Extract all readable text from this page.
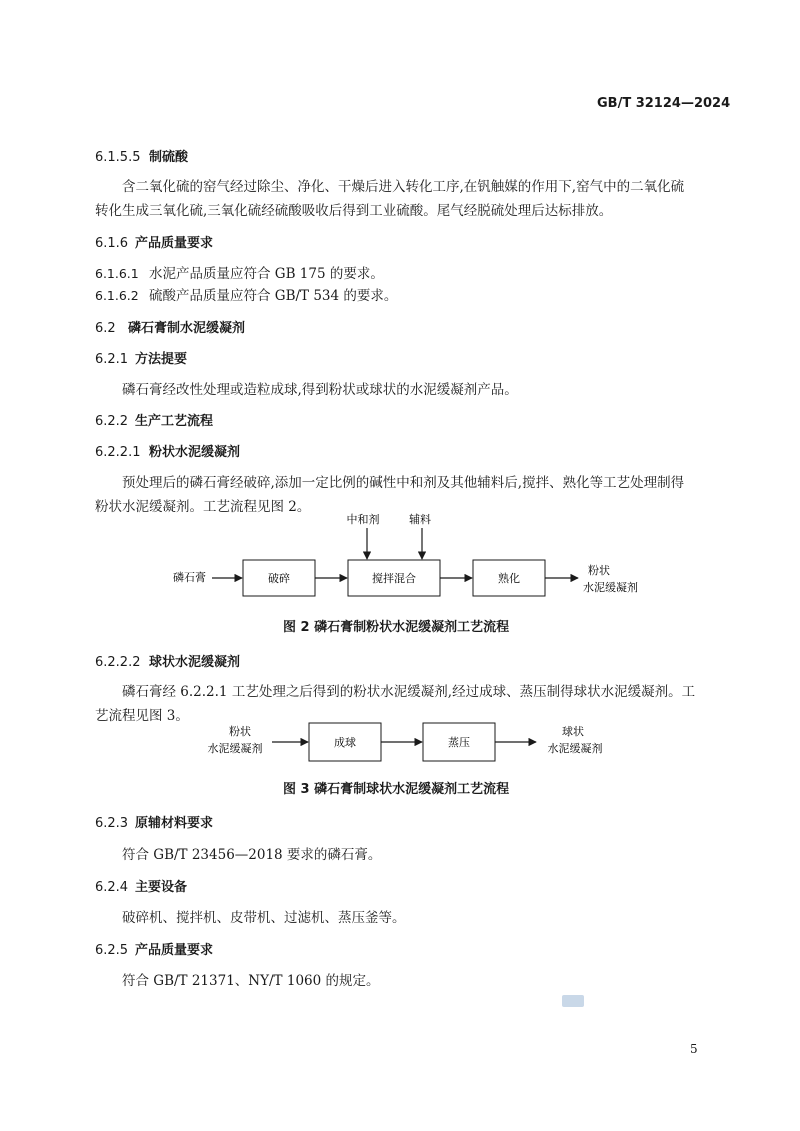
GB/T 32124—2024
6.1.5.5 制硫酸
含二氧化硫的窑气经过除尘、净化、干燥后进入转化工序,在钒触媒的作用下,窑气中的二氧化硫
转化生成三氧化硫,三氧化硫经硫酸吸收后得到工业硫酸。尾气经脱硫处理后达标排放。
6.1.6 产品质量要求
6.1.6.1 水泥产品质量应符合 GB 175 的要求。
6.1.6.2 硫酸产品质量应符合 GB/T 534 的要求。
6.2 磷石膏制水泥缓凝剂
6.2.1 方法提要
磷石膏经改性处理或造粒成球,得到粉状或球状的水泥缓凝剂产品。
6.2.2 生产工艺流程
6.2.2.1 粉状水泥缓凝剂
预处理后的磷石膏经破碎,添加一定比例的碱性中和剂及其他辅料后,搅拌、熟化等工艺处理制得
粉状水泥缓凝剂。工艺流程见图 2。
磷石膏	破碎	搅拌混合
中和剂	辅料
熟化
粉状
水泥缓凝剂
图 2 磷石膏制粉状水泥缓凝剂工艺流程
6.2.2.2 球状水泥缓凝剂
磷石膏经 6.2.2.1 工艺处理之后得到的粉状水泥缓凝剂,经过成球、蒸压制得球状水泥缓凝剂。工
艺流程见图 3。
粉状
水泥缓凝剂	成球	蒸压
球状
水泥缓凝剂
图 3 磷石膏制球状水泥缓凝剂工艺流程
6.2.3 原辅材料要求
符合 GB/T 23456—2018 要求的磷石膏。
6.2.4 主要设备
破碎机、搅拌机、皮带机、过滤机、蒸压釜等。
6.2.5 产品质量要求
符合 GB/T 21371、NY/T 1060 的规定。
5
